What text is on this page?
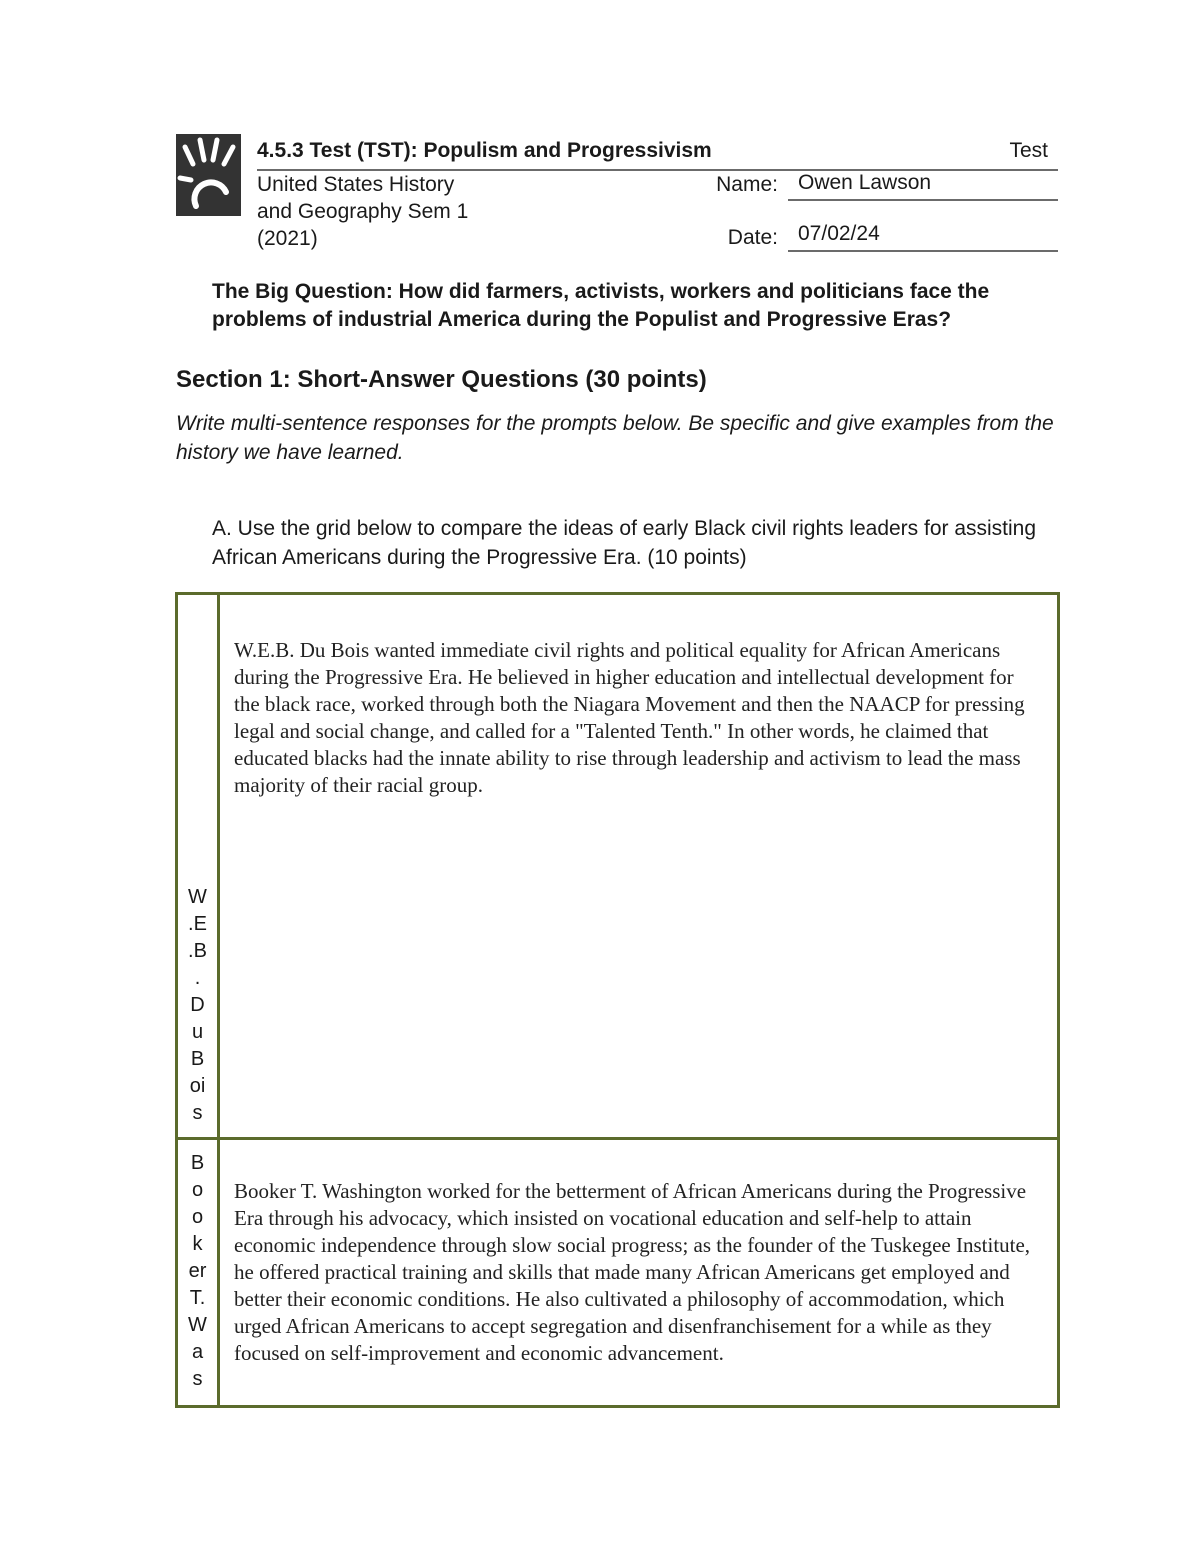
4.5.3 Test (TST): Populism and Progressivism	Test
United States History
and Geography Sem 1
(2021)
Name: Owen Lawson
Date: 07/02/24
The Big Question: How did farmers, activists, workers and politicians face the problems of industrial America during the Populist and Progressive Eras?
Section 1: Short-Answer Questions (30 points)
Write multi-sentence responses for the prompts below. Be specific and give examples from the history we have learned.
A. Use the grid below to compare the ideas of early Black civil rights leaders for assisting African Americans during the Progressive Era. (10 points)
W
.E
.B
.
D
u
B
oi
s
W.E.B. Du Bois wanted immediate civil rights and political equality for African Americans during the Progressive Era. He believed in higher education and intellectual development for the black race, worked through both the Niagara Movement and then the NAACP for pressing legal and social change, and called for a "Talented Tenth." In other words, he claimed that educated blacks had the innate ability to rise through leadership and activism to lead the mass majority of their racial group.
B
o
o
k
er
T.
W
a
s
Booker T. Washington worked for the betterment of African Americans during the Progressive Era through his advocacy, which insisted on vocational education and self-help to attain economic independence through slow social progress; as the founder of the Tuskegee Institute, he offered practical training and skills that made many African Americans get employed and better their economic conditions. He also cultivated a philosophy of accommodation, which urged African Americans to accept segregation and disenfranchisement for a while as they focused on self-improvement and economic advancement.
